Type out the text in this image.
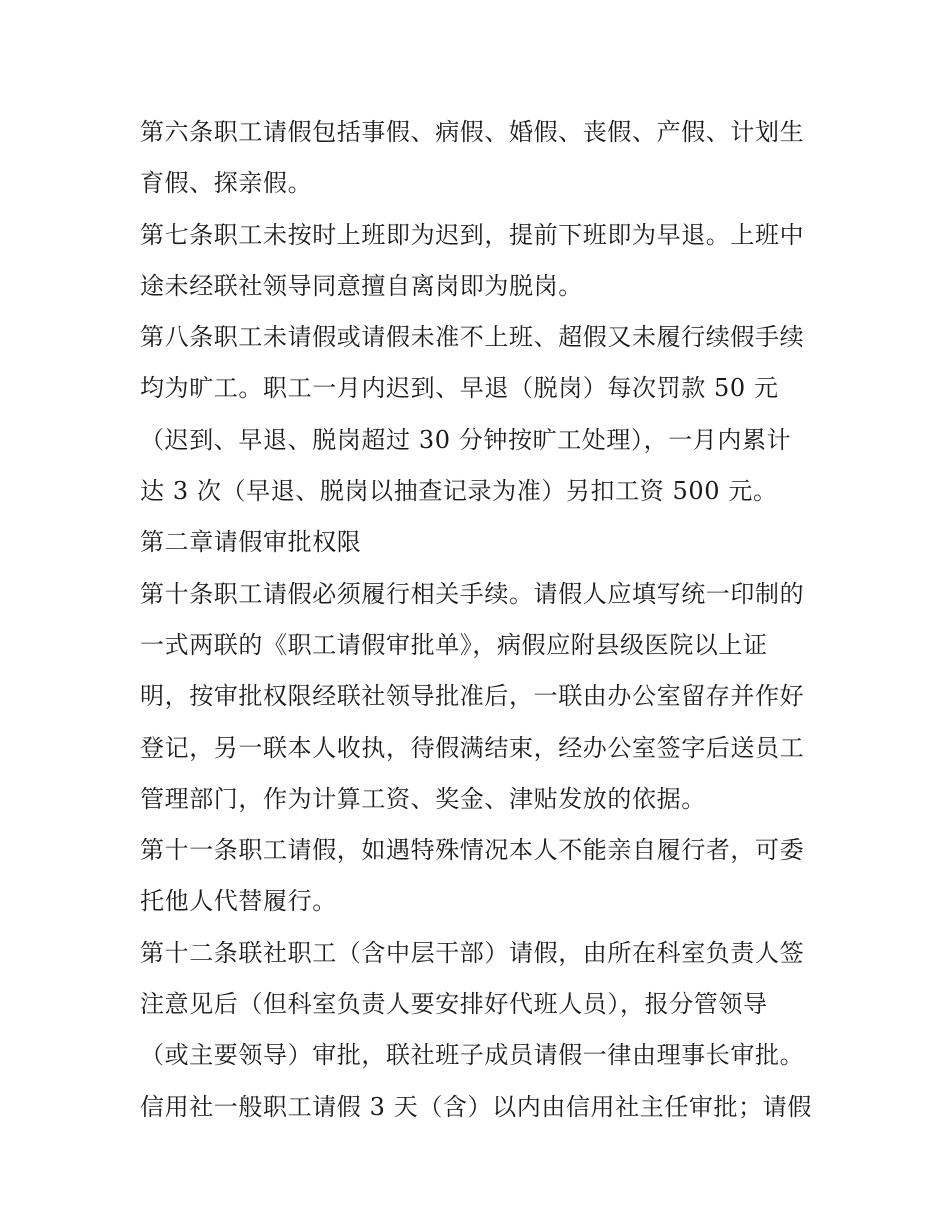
第六条职工请假包括事假、病假、婚假、丧假、产假、计划生
育假、探亲假。
第七条职工未按时上班即为迟到，提前下班即为早退。上班中
途未经联社领导同意擅自离岗即为脱岗。
第八条职工未请假或请假未准不上班、超假又未履行续假手续
均为旷工。职工一月内迟到、早退（脱岗）每次罚款 50 元
（迟到、早退、脱岗超过 30 分钟按旷工处理），一月内累计
达 3 次（早退、脱岗以抽查记录为准）另扣工资 500 元。
第二章请假审批权限
第十条职工请假必须履行相关手续。请假人应填写统一印制的
一式两联的《职工请假审批单》，病假应附县级医院以上证
明，按审批权限经联社领导批准后，一联由办公室留存并作好
登记，另一联本人收执，待假满结束，经办公室签字后送员工
管理部门，作为计算工资、奖金、津贴发放的依据。
第十一条职工请假，如遇特殊情况本人不能亲自履行者，可委
托他人代替履行。
第十二条联社职工（含中层干部）请假，由所在科室负责人签
注意见后（但科室负责人要安排好代班人员），报分管领导
（或主要领导）审批，联社班子成员请假一律由理事长审批。
信用社一般职工请假 3 天（含）以内由信用社主任审批；请假
